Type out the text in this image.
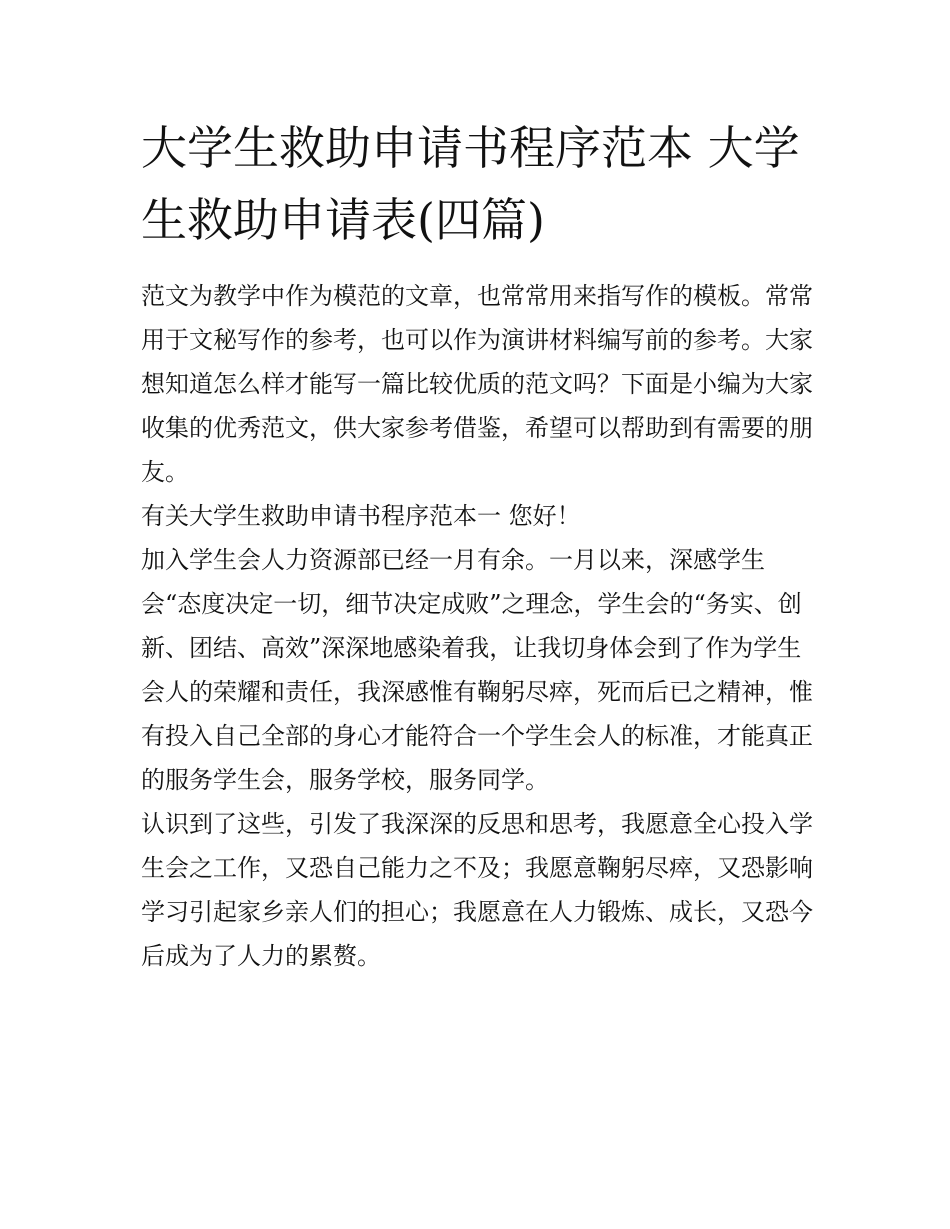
大学生救助申请书程序范本 大学生救助申请表(四篇)

范文为教学中作为模范的文章，也常常用来指写作的模板。常常用于文秘写作的参考，也可以作为演讲材料编写前的参考。大家想知道怎么样才能写一篇比较优质的范文吗？下面是小编为大家收集的优秀范文，供大家参考借鉴，希望可以帮助到有需要的朋友。

有关大学生救助申请书程序范本一 您好！

加入学生会人力资源部已经一月有余。一月以来，深感学生会“态度决定一切，细节决定成败”之理念，学生会的“务实、创新、团结、高效”深深地感染着我，让我切身体会到了作为学生会人的荣耀和责任，我深感惟有鞠躬尽瘁，死而后已之精神，惟有投入自己全部的身心才能符合一个学生会人的标准，才能真正的服务学生会，服务学校，服务同学。

认识到了这些，引发了我深深的反思和思考，我愿意全心投入学生会之工作，又恐自己能力之不及；我愿意鞠躬尽瘁，又恐影响学习引起家乡亲人们的担心；我愿意在人力锻炼、成长，又恐今后成为了人力的累赘。
